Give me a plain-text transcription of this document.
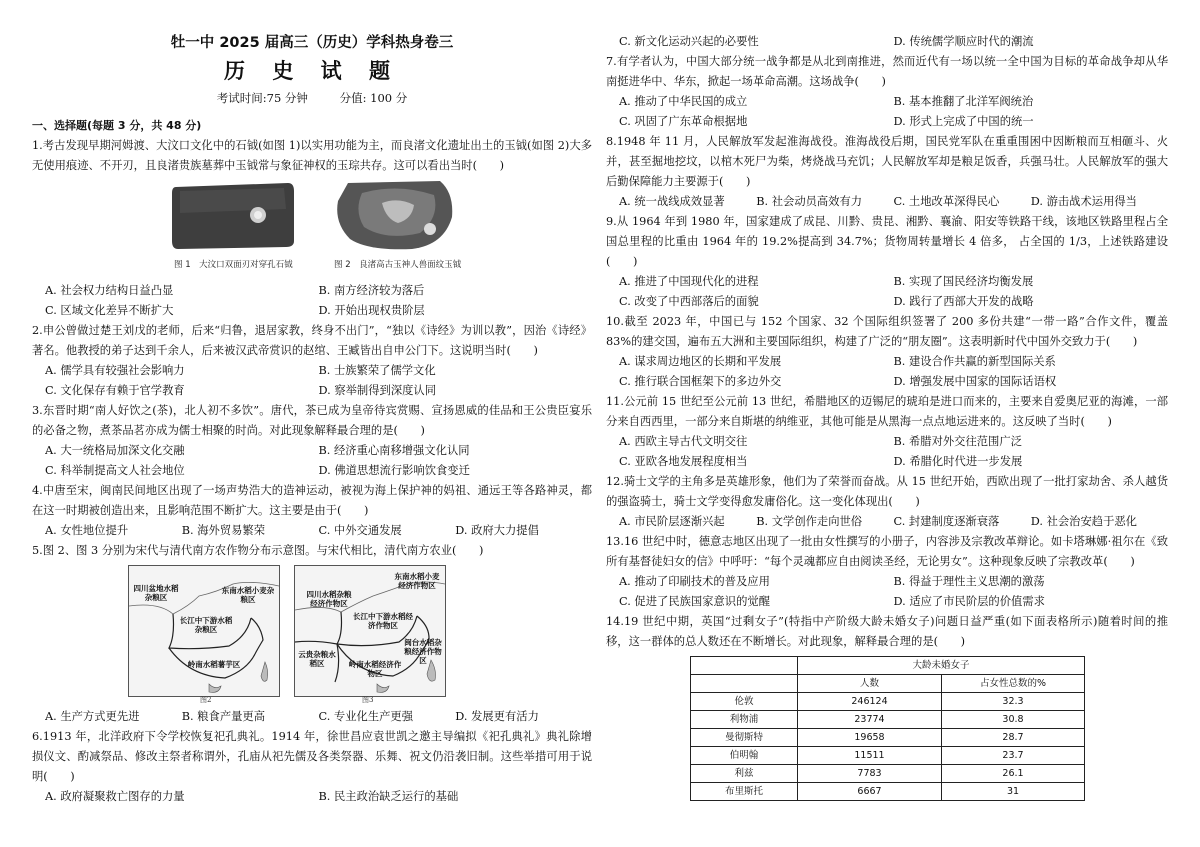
牡一中 2025 届高三（历史）学科热身卷三
历 史 试 题
考试时间:75 分钟	分值: 100 分
一、选择题(每题 3 分，共 48 分)

1.考古发现早期河姆渡、大汶口文化中的石钺(如图 1)以实用功能为主，而良渚文化遗址出土的玉钺(如图 2)大多无使用痕迹、不开刃，且良渚贵族墓葬中玉钺常与象征神权的玉琮共存。这可以看出当时(　　)

图 1　大汶口双面刃对穿孔石钺	图 2　良渚高古玉神人兽面纹玉钺
A. 社会权力结构日益凸显	B. 南方经济较为落后
C. 区域文化差异不断扩大	D. 开始出现权贵阶层

2.申公曾做过楚王刘戊的老师，后来“归鲁，退居家教，终身不出门”，“独以《诗经》为训以教”，因治《诗经》著名。他教授的弟子达到千余人，后来被汉武帝赏识的赵绾、王臧皆出自申公门下。这说明当时(　　)

A. 儒学具有较强社会影响力	B. 士族繁荣了儒学文化
C. 文化保存有赖于官学教育	D. 察举制得到深度认同

3.东晋时期“南人好饮之(茶)，北人初不多饮”。唐代，茶已成为皇帝待宾赏赐、宣扬恩威的佳品和王公贵臣宴乐的必备之物，煮茶品茗亦成为儒士相聚的时尚。对此现象解释最合理的是(　　)

A. 大一统格局加深文化交融	B. 经济重心南移增强文化认同
C. 科举制提高文人社会地位	D. 佛道思想流行影响饮食变迁

4.中唐至宋，闽南民间地区出现了一场声势浩大的造神运动，被视为海上保护神的妈祖、通远王等各路神灵，都在这一时期被创造出来，且影响范围不断扩大。这主要是由于(　　)

A. 女性地位提升	B. 海外贸易繁荣	C. 中外交通发展	D. 政府大力提倡

5.图 2、图 3 分别为宋代与清代南方农作物分布示意图。与宋代相比，清代南方农业(　　)

四川盆地水稻杂粮区
东南水稻小麦杂粮区
长江中下游水稻杂粮区
岭南水稻薯芋区
图2
东南水稻小麦经济作物区
四川水稻杂粮经济作物区
长江中下游水稻经济作物区
云贵杂粮水稻区
闽台水稻杂粮经济作物区
岭南水稻经济作物区
图3
A. 生产方式更先进	B. 粮食产量更高	C. 专业化生产更强	D. 发展更有活力

6.1913 年，北洋政府下令学校恢复祀孔典礼。1914 年，徐世昌应袁世凯之邀主导编拟《祀孔典礼》典礼除增损仪文、酌减祭品、修改主祭者称谓外，孔庙从祀先儒及各类祭器、乐舞、祝文仍沿袭旧制。这些举措可用于说明(　　)

A. 政府凝聚救亡图存的力量	B. 民主政治缺乏运行的基础
C. 新文化运动兴起的必要性	D. 传统儒学顺应时代的潮流

7.有学者认为，中国大部分统一战争都是从北到南推进，然而近代有一场以统一全中国为目标的革命战争却从华南挺进华中、华东，掀起一场革命高潮。这场战争(　　)

A. 推动了中华民国的成立	B. 基本推翻了北洋军阀统治
C. 巩固了广东革命根据地	D. 形式上完成了中国的统一

8.1948 年 11 月，人民解放军发起淮海战役。淮海战役后期，国民党军队在重重围困中因断粮而互相砸斗、火并，甚至掘地挖坟，以棺木死尸为柴，烤烧战马充饥；人民解放军却是粮足饭香，兵强马壮。人民解放军的强大后勤保障能力主要源于(　　)

A. 统一战线成效显著	B. 社会动员高效有力	C. 土地改革深得民心	D. 游击战术运用得当

9.从 1964 年到 1980 年，国家建成了成昆、川黔、贵昆、湘黔、襄渝、阳安等铁路干线，该地区铁路里程占全国总里程的比重由 1964 年的 19.2%提高到 34.7%；货物周转量增长 4 倍多， 占全国的 1/3，上述铁路建设(　　)

A. 推进了中国现代化的进程	B. 实现了国民经济均衡发展
C. 改变了中西部落后的面貌	D. 践行了西部大开发的战略

10.截至 2023 年，中国已与 152 个国家、32 个国际组织签署了 200 多份共建“一带一路”合作文件，覆盖 83%的建交国，遍布五大洲和主要国际组织，构建了广泛的“朋友圈”。这表明新时代中国外交致力于(　　)

A. 谋求周边地区的长期和平发展	B. 建设合作共赢的新型国际关系
C. 推行联合国框架下的多边外交	D. 增强发展中国家的国际话语权

11.公元前 15 世纪至公元前 13 世纪，希腊地区的迈锡尼的琥珀是进口而来的，主要来自爱奥尼亚的海滩，一部分来自西西里，一部分来自斯堪的纳维亚，其他可能是从黑海一点点地运进来的。这反映了当时(　　)

A. 西欧主导古代文明交往	B. 希腊对外交往范围广泛
C. 亚欧各地发展程度相当	D. 希腊化时代进一步发展

12.骑士文学的主角多是英雄形象，他们为了荣誉而奋战。从 15 世纪开始，西欧出现了一批打家劫舍、杀人越货的强盗骑士，骑士文学变得愈发庸俗化。这一变化体现出(　　)

A. 市民阶层逐渐兴起	B. 文学创作走向世俗	C. 封建制度逐渐衰落	D. 社会治安趋于恶化

13.16 世纪中时，德意志地区出现了一批由女性撰写的小册子，内容涉及宗教改革辩论。如卡塔琳娜·祖尔在《致所有基督徒妇女的信》中呼吁：“每个灵魂都应自由阅读圣经，无论男女”。这种现象反映了宗教改革(　　)

A. 推动了印刷技术的普及应用	B. 得益于理性主义思潮的激荡
C. 促进了民族国家意识的觉醒	D. 适应了市民阶层的价值需求

14.19 世纪中期，英国“过剩女子”(特指中产阶级大龄未婚女子)问题日益严重(如下面表格所示)随着时间的推移，这一群体的总人数还在不断增长。对此现象，解释最合理的是(　　)

	大龄未婚女子	
	人数	占女性总数的%
伦敦	246124	32.3
利物浦	23774	30.8
曼彻斯特	19658	28.7
伯明翰	11511	23.7
利兹	7783	26.1
布里斯托	6667	31
